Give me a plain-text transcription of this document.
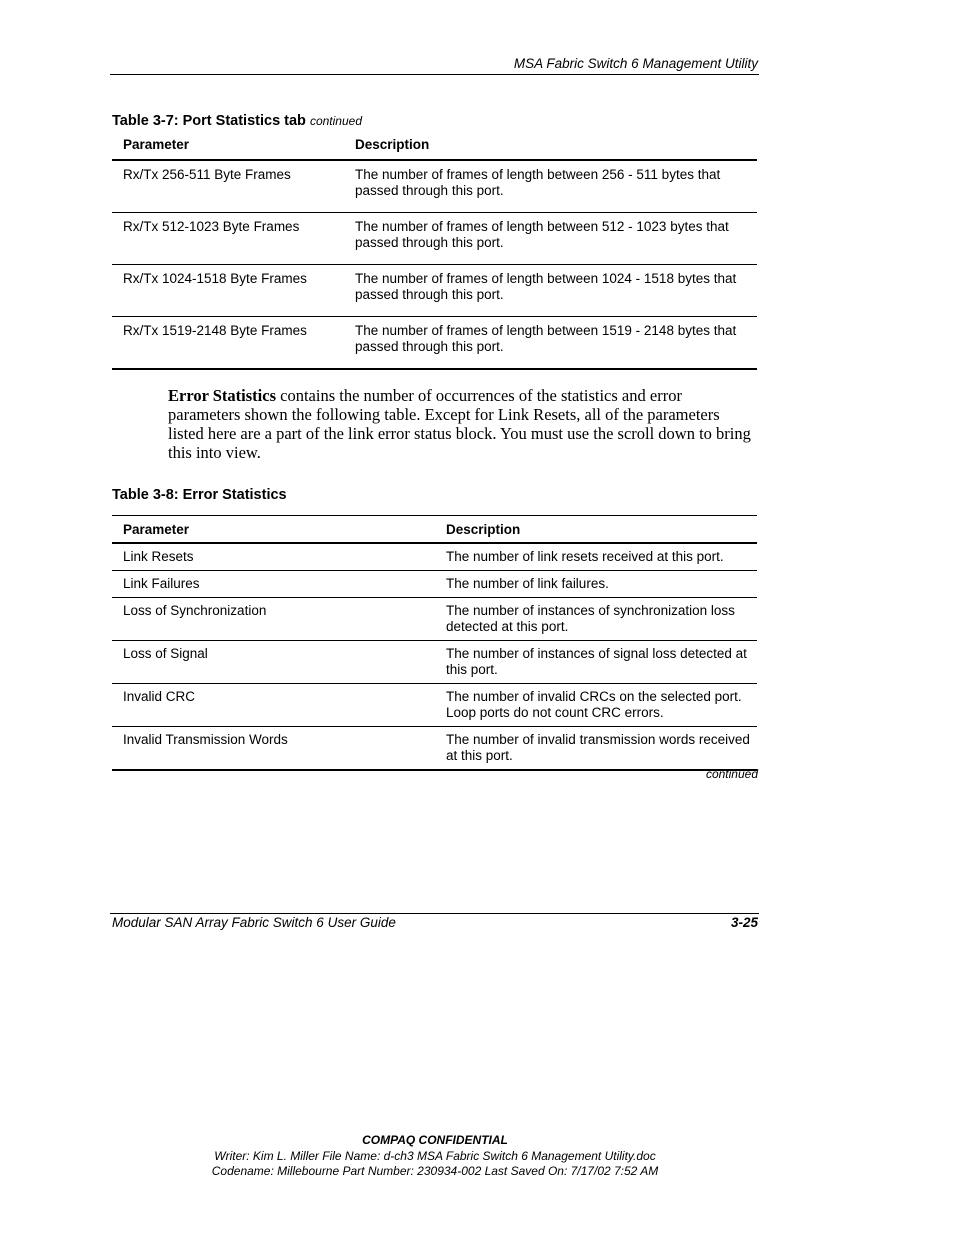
MSA Fabric Switch 6 Management Utility
Table 3-7: Port Statistics tab continued
Parameter	Description
Rx/Tx 256-511 Byte Frames	The number of frames of length between 256 - 511 bytes that passed through this port.
Rx/Tx 512-1023 Byte Frames	The number of frames of length between 512 - 1023 bytes that passed through this port.
Rx/Tx 1024-1518 Byte Frames	The number of frames of length between 1024 - 1518 bytes that passed through this port.
Rx/Tx 1519-2148 Byte Frames	The number of frames of length between 1519 - 2148 bytes that passed through this port.
Error Statistics contains the number of occurrences of the statistics and error parameters shown the following table. Except for Link Resets, all of the parameters listed here are a part of the link error status block. You must use the scroll down to bring this into view.
Table 3-8: Error Statistics
Parameter	Description
Link Resets	The number of link resets received at this port.
Link Failures	The number of link failures.
Loss of Synchronization	The number of instances of synchronization loss detected at this port.
Loss of Signal	The number of instances of signal loss detected at this port.
Invalid CRC	The number of invalid CRCs on the selected port. Loop ports do not count CRC errors.
Invalid Transmission Words	The number of invalid transmission words received at this port.
continued
Modular SAN Array Fabric Switch 6 User Guide	3-25
COMPAQ CONFIDENTIAL
Writer: Kim L. Miller File Name: d-ch3 MSA Fabric Switch 6 Management Utility.doc
Codename: Millebourne Part Number: 230934-002 Last Saved On: 7/17/02 7:52 AM
